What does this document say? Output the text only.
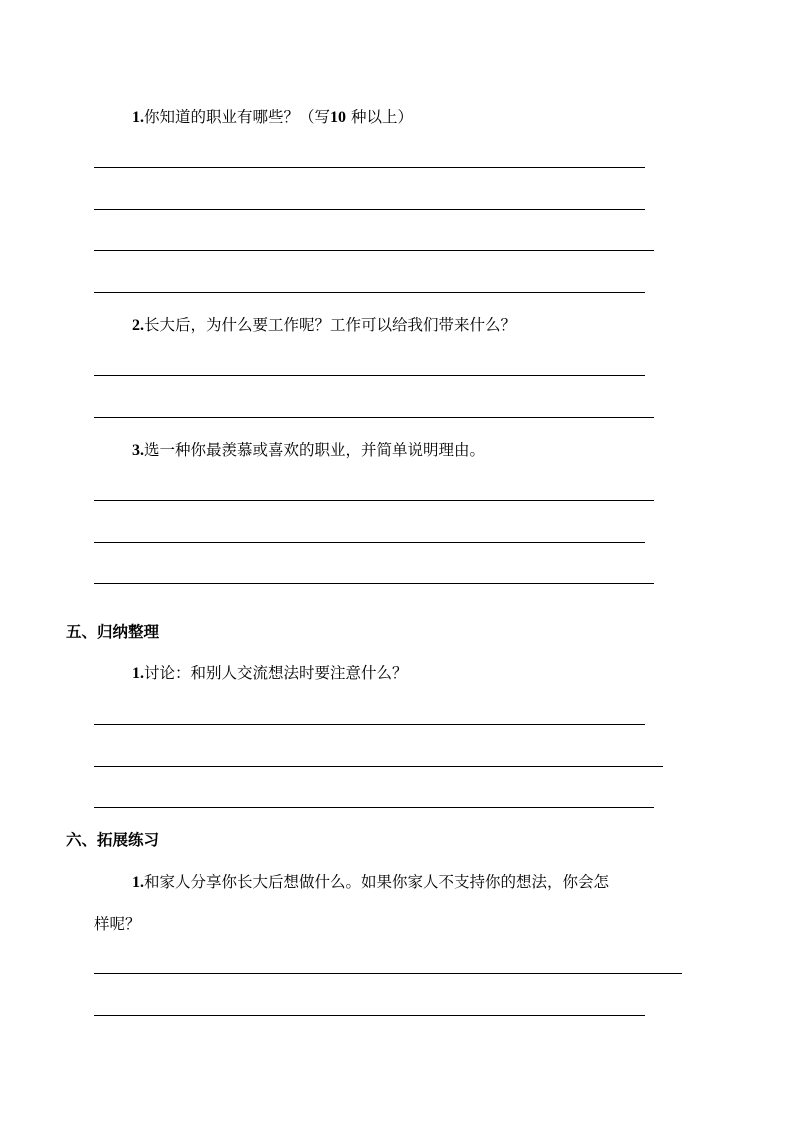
1.你知道的职业有哪些？（写10 种以上）
2.长大后，为什么要工作呢？工作可以给我们带来什么？
3.选一种你最羡慕或喜欢的职业，并简单说明理由。
五、归纳整理
1.讨论：和别人交流想法时要注意什么？
六、拓展练习
1.和家人分享你长大后想做什么。如果你家人不支持你的想法，你会怎
样呢？
